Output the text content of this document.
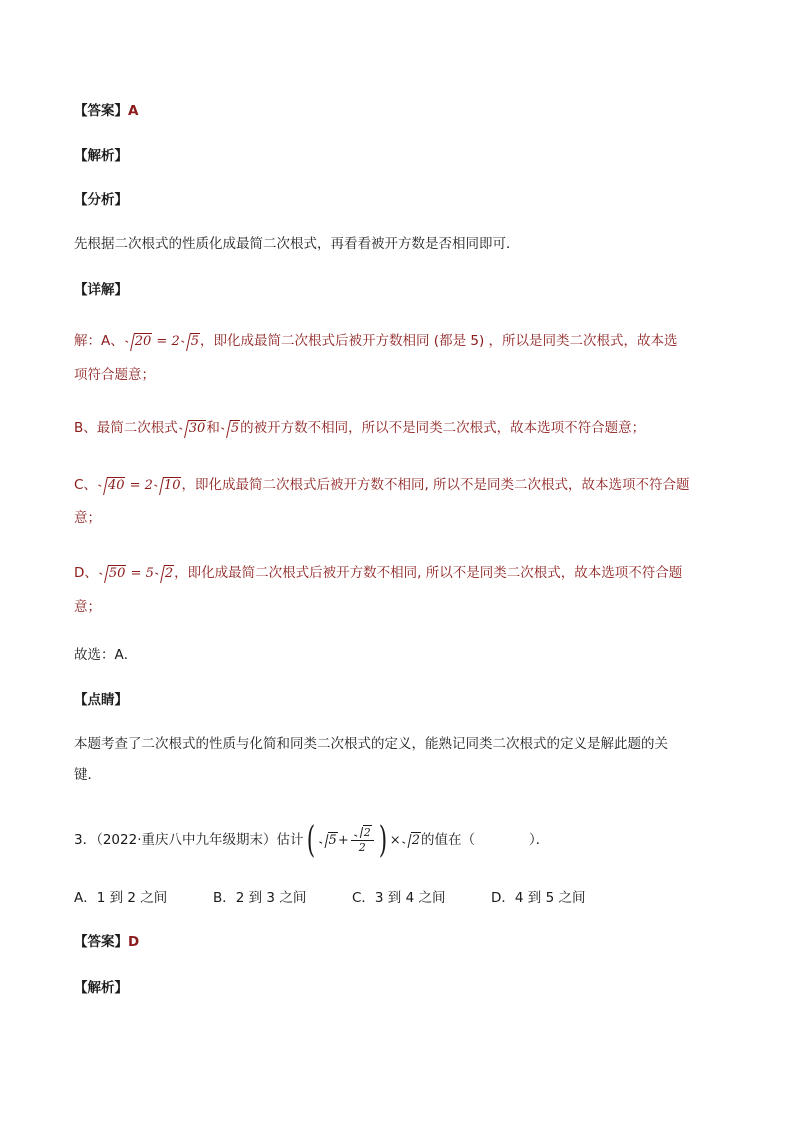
【答案】A
【解析】
【分析】
先根据二次根式的性质化成最简二次根式，再看看被开方数是否相同即可．
【详解】
解：A、 20 = 2 5，即化成最简二次根式后被开方数相同 (都是 5) ，所以是同类二次根式，故本选
项符合题意；
B、最简二次根式 30和 5的被开方数不相同，所以不是同类二次根式，故本选项不符合题意；
C、 40 = 2 10，即化成最简二次根式后被开方数不相同, 所以不是同类二次根式，故本选项不符合题
意；
D、 50 = 5 2，即化成最简二次根式后被开方数不相同, 所以不是同类二次根式，故本选项不符合题
意；
故选：A．
【点睛】
本题考查了二次根式的性质与化简和同类二次根式的定义，能熟记同类二次根式的定义是解此题的关
键．
3．（2022·重庆八中九年级期末）估计( $5+ \frac{2}{2}$ ) × 2的值在（　　　　）．
A．1 到 2 之间	B．2 到 3 之间	C．3 到 4 之间	D．4 到 5 之间
【答案】D
【解析】
